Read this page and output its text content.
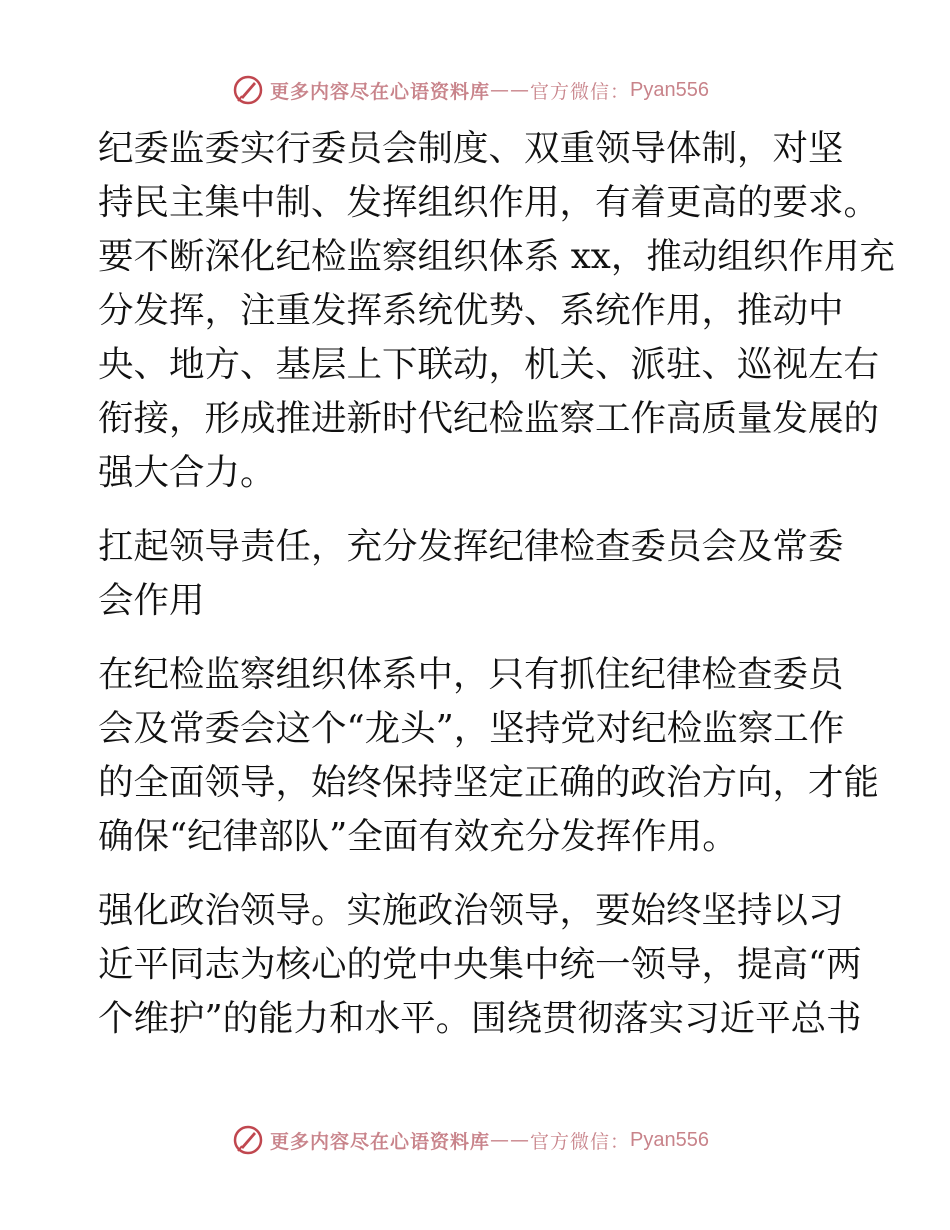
更多内容尽在心语资料库 —— 官方微信： Pyan556

纪委监委实行委员会制度、双重领导体制，对坚
持民主集中制、发挥组织作用，有着更高的要求。
要不断深化纪检监察组织体系 xx，推动组织作用充
分发挥，注重发挥系统优势、系统作用，推动中
央、地方、基层上下联动，机关、派驻、巡视左右
衔接，形成推进新时代纪检监察工作高质量发展的
强大合力。

扛起领导责任，充分发挥纪律检查委员会及常委
会作用

在纪检监察组织体系中，只有抓住纪律检查委员
会及常委会这个“龙头”，坚持党对纪检监察工作
的全面领导，始终保持坚定正确的政治方向，才能
确保“纪律部队”全面有效充分发挥作用。

强化政治领导。实施政治领导，要始终坚持以习
近平同志为核心的党中央集中统一领导，提高“两
个维护”的能力和水平。围绕贯彻落实习近平总书

更多内容尽在心语资料库 —— 官方微信： Pyan556
